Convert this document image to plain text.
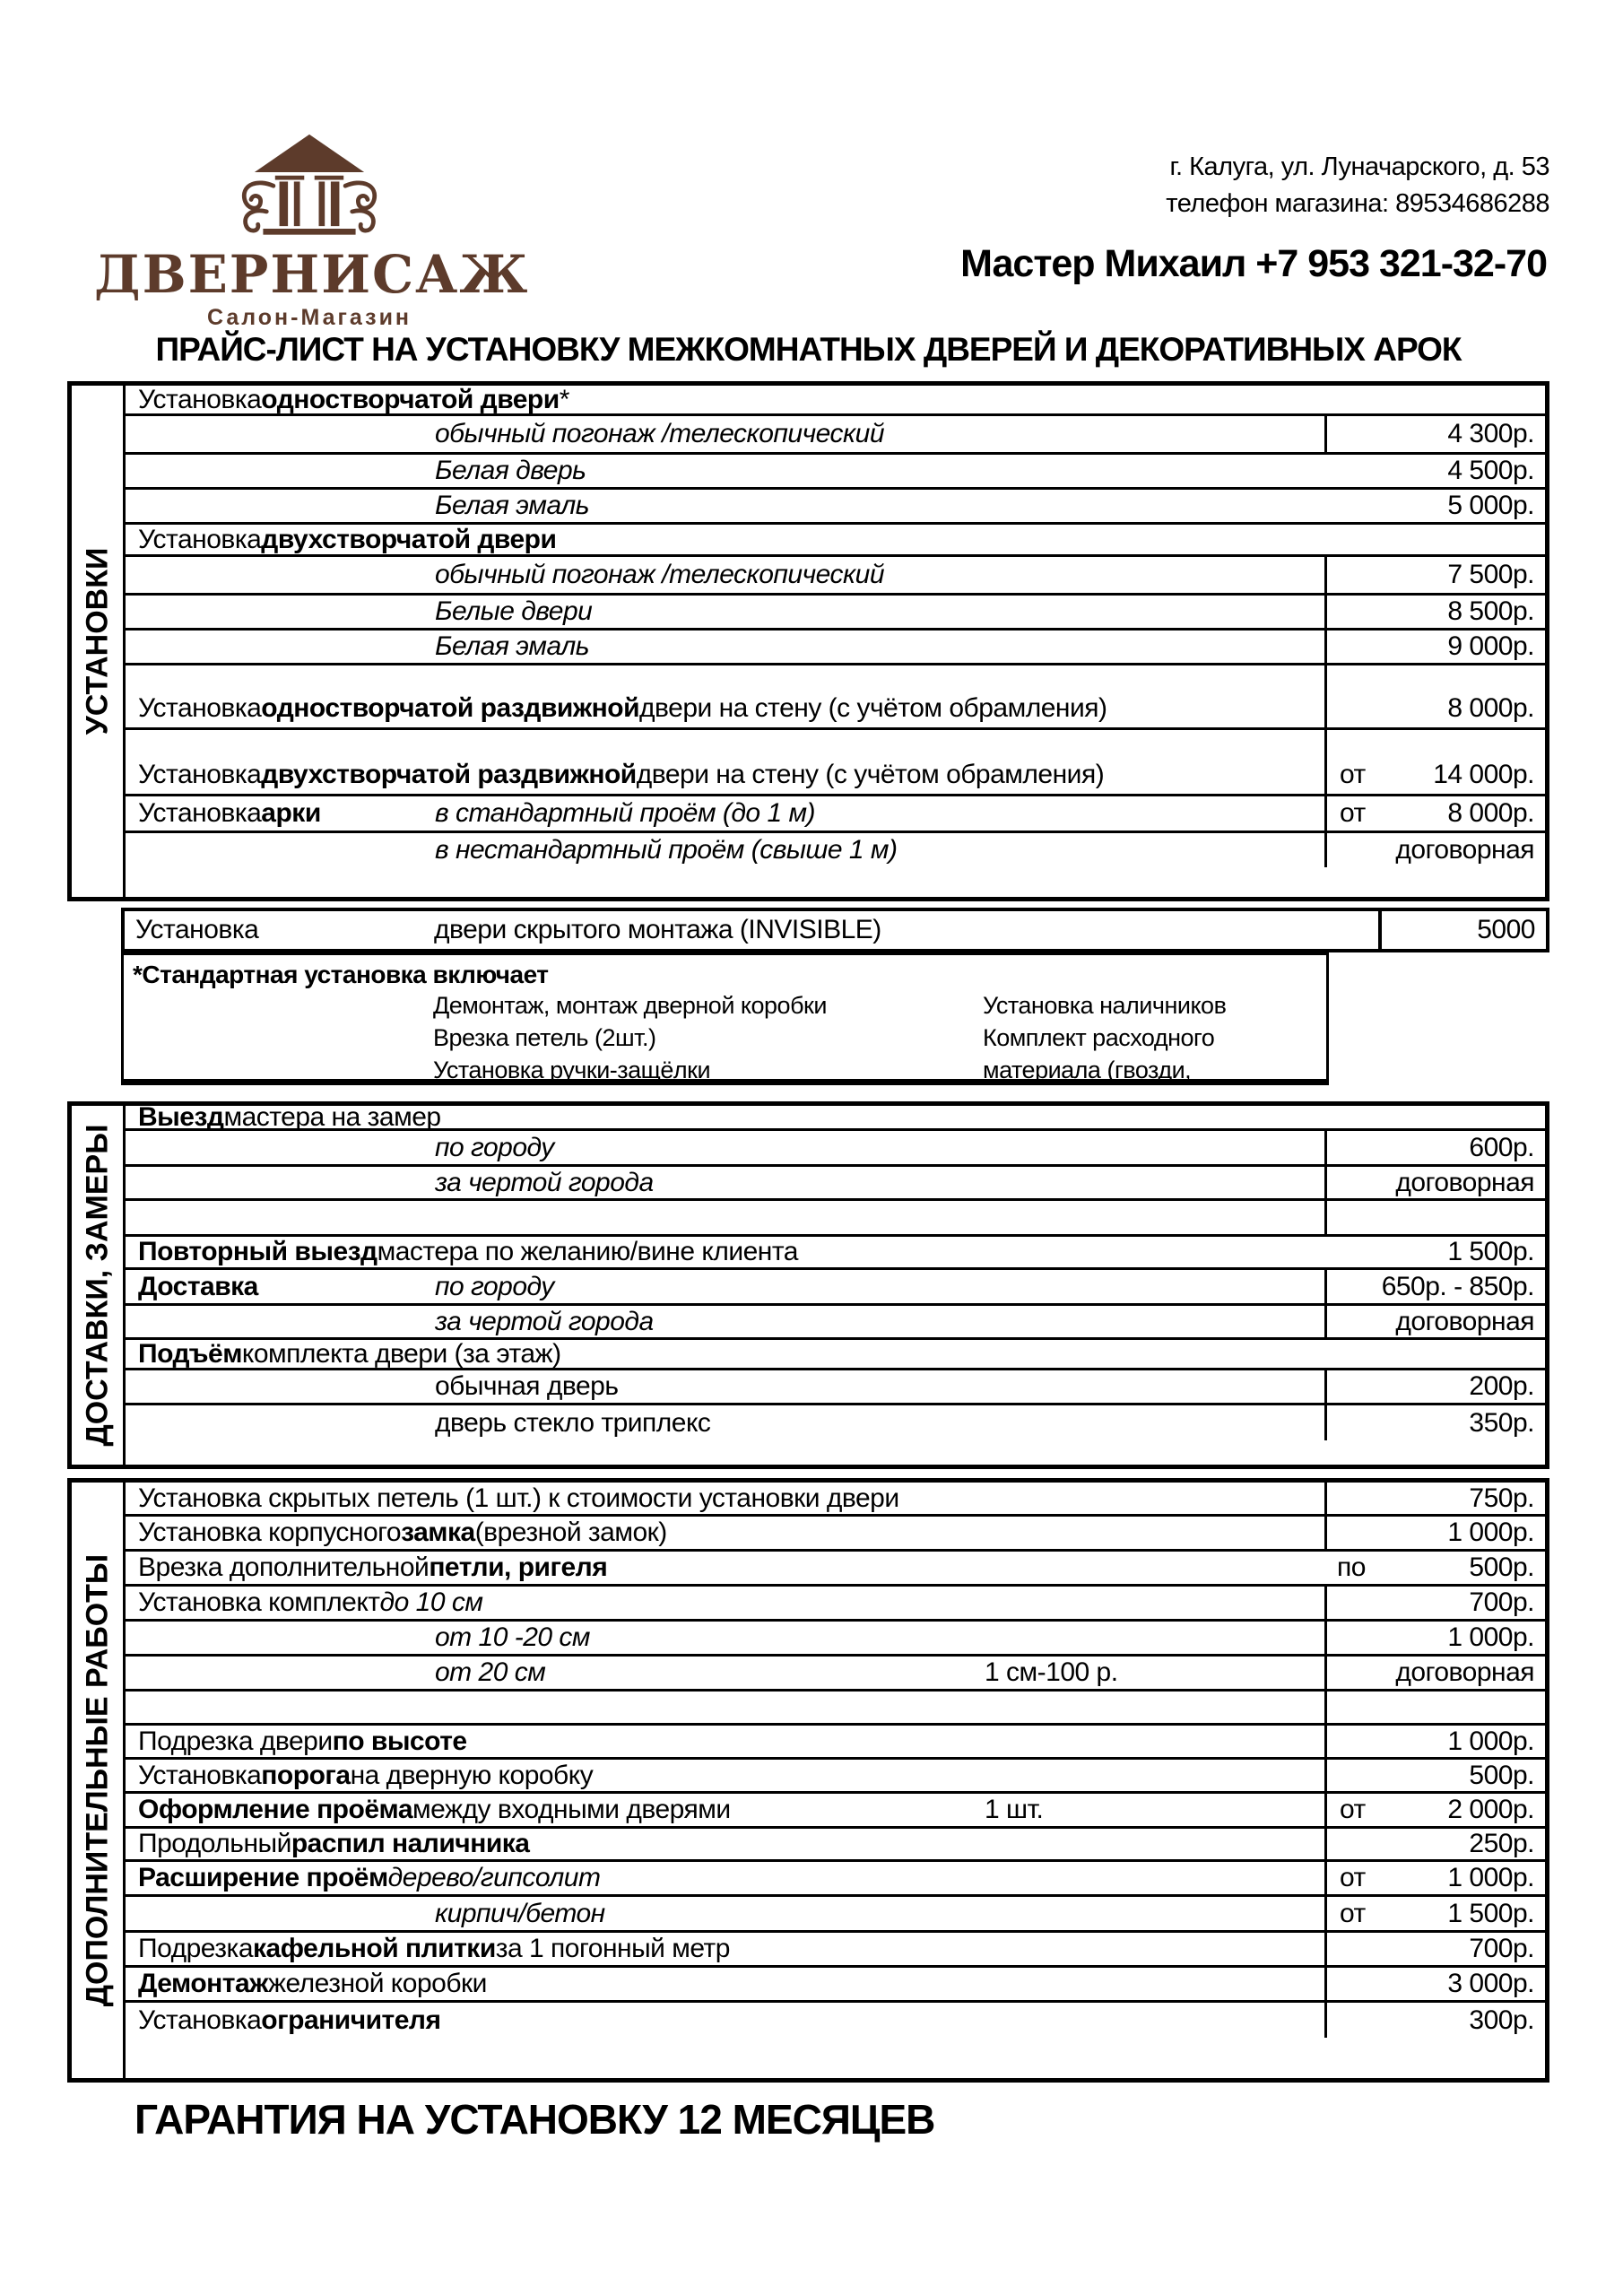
ДВЕРНИСАЖ
Салон-Магазин
г. Калуга, ул. Луначарского, д. 53
телефон магазина: 89534686288
Мастер Михаил +7 953 321-32-70
ПРАЙС-ЛИСТ НА УСТАНОВКУ МЕЖКОМНАТНЫХ ДВЕРЕЙ И ДЕКОРАТИВНЫХ АРОК
УСТАНОВКИ
Установка одностворчатой двери *
обычный погонаж /телескопический	4 300р.
Белая дверь	4 500р.
Белая эмаль	5 000р.
Установка двухстворчатой двери
обычный погонаж /телескопический	7 500р.
Белые двери	8 500р.
Белая эмаль	9 000р.
Установка одностворчатой раздвижной двери на стену (с учётом обрамления)	8 000р.
Установка двухстворчатой раздвижной двери на стену (с учётом обрамления)	от	14 000р.
Установка арки	в стандартный проём (до 1 м)	от	8 000р.
в нестандартный проём (свыше 1 м)	договорная
Установка	двери скрытого монтажа (INVISIBLE)	5000
*Стандартная установка включает
Демонтаж, монтаж дверной коробки	Установка наличников
Врезка петель (2шт.)	Комплект расходного
Установка ручки-защёлки	материала (гвозди,
ДОСТАВКИ, ЗАМЕРЫ
Выезд мастера на замер
по городу	600р.
за чертой города	договорная
Повторный выезд мастера по желанию/вине клиента	1 500р.
Доставка	по городу	650р. - 850р.
за чертой города	договорная
Подъём комплекта двери (за этаж)
обычная дверь	200р.
дверь стекло триплекс	350р.
ДОПОЛНИТЕЛЬНЫЕ РАБОТЫ
Установка скрытых петель (1 шт.) к стоимости установки двери	750р.
Установка корпусного замка (врезной замок)	1 000р.
Врезка дополнительной петли, ригеля	по	500р.
Установка комплект до 10 см	700р.
от 10 -20 см	1 000р.
от 20 см	1 см-100 р.	договорная
Подрезка двери по высоте	1 000р.
Установка порога на дверную коробку	500р.
Оформление проёма между входными дверями	1 шт.	от	2 000р.
Продольный распил наличника	250р.
Расширение проём дерево/гипсолит	от	1 000р.
кирпич/бетон	от	1 500р.
Подрезка кафельной плитки за 1 погонный метр	700р.
Демонтаж железной коробки	3 000р.
Установка ограничителя	300р.
ГАРАНТИЯ НА УСТАНОВКУ 12 МЕСЯЦЕВ
